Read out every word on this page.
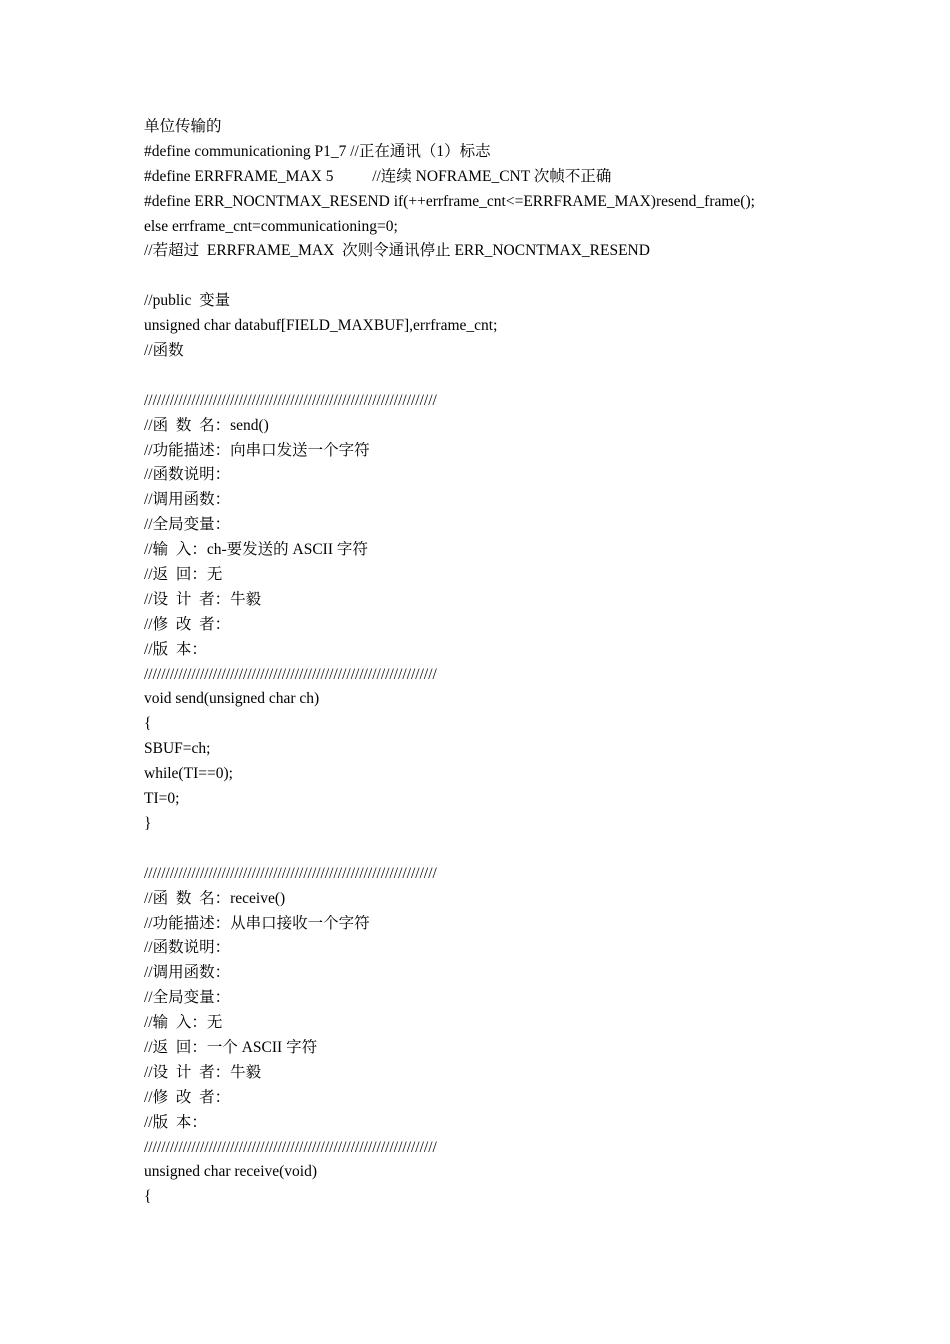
单位传输的
#define communicationing P1_7 //正在通讯（1）标志
#define ERRFRAME_MAX 5          //连续 NOFRAME_CNT 次帧不正确
#define ERR_NOCNTMAX_RESEND if(++errframe_cnt<=ERRFRAME_MAX)resend_frame();
else errframe_cnt=communicationing=0;
//若超过  ERRFRAME_MAX  次则令通讯停止 ERR_NOCNTMAX_RESEND
//public  变量
unsigned char databuf[FIELD_MAXBUF],errframe_cnt;
//函数
////////////////////////////////////////////////////////////////////
//函  数  名：send()
//功能描述：向串口发送一个字符
//函数说明：
//调用函数：
//全局变量：
//输  入：ch-要发送的 ASCII 字符
//返  回：无
//设  计  者：牛毅
//修  改  者：
//版  本：
////////////////////////////////////////////////////////////////////
void send(unsigned char ch)
{
SBUF=ch;
while(TI==0);
TI=0;
}
////////////////////////////////////////////////////////////////////
//函  数  名：receive()
//功能描述：从串口接收一个字符
//函数说明：
//调用函数：
//全局变量：
//输  入：无
//返  回：一个 ASCII 字符
//设  计  者：牛毅
//修  改  者：
//版  本：
////////////////////////////////////////////////////////////////////
unsigned char receive(void)
{
